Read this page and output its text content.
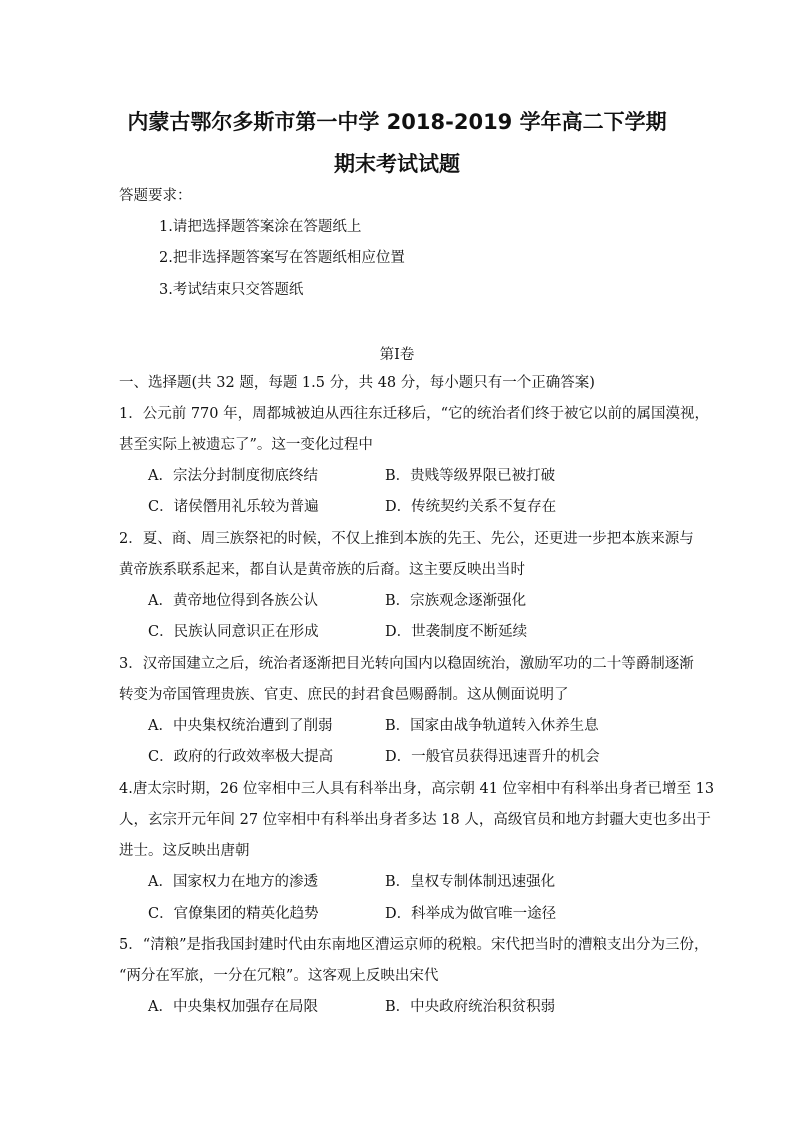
内蒙古鄂尔多斯市第一中学 2018-2019 学年高二下学期
期末考试试题
答题要求：
1.请把选择题答案涂在答题纸上
2.把非选择题答案写在答题纸相应位置
3.考试结束只交答题纸
第Ⅰ卷
一、选择题(共 32 题，每题 1.5 分，共 48 分，每小题只有一个正确答案)
1．公元前 770 年，周都城被迫从西往东迁移后，“它的统治者们终于被它以前的属国漠视，
甚至实际上被遗忘了”。这一变化过程中
A．宗法分封制度彻底终结	B．贵贱等级界限已被打破
C．诸侯僭用礼乐较为普遍	D．传统契约关系不复存在
2．夏、商、周三族祭祀的时候，不仅上推到本族的先王、先公，还更进一步把本族来源与
黄帝族系联系起来，都自认是黄帝族的后裔。这主要反映出当时
A．黄帝地位得到各族公认	B．宗族观念逐渐强化
C．民族认同意识正在形成	D．世袭制度不断延续
3．汉帝国建立之后，统治者逐渐把目光转向国内以稳固统治，激励军功的二十等爵制逐渐
转变为帝国管理贵族、官吏、庶民的封君食邑赐爵制。这从侧面说明了
A．中央集权统治遭到了削弱	B．国家由战争轨道转入休养生息
C．政府的行政效率极大提高	D．一般官员获得迅速晋升的机会
4.唐太宗时期，26 位宰相中三人具有科举出身，高宗朝 41 位宰相中有科举出身者已增至 13
人，玄宗开元年间 27 位宰相中有科举出身者多达 18 人，高级官员和地方封疆大吏也多出于
进士。这反映出唐朝
A．国家权力在地方的渗透	B．皇权专制体制迅速强化
C．官僚集团的精英化趋势	D．科举成为做官唯一途径
5．“清粮”是指我国封建时代由东南地区漕运京师的税粮。宋代把当时的漕粮支出分为三份，
“两分在军旅，一分在冗粮”。这客观上反映出宋代
A．中央集权加强存在局限	B．中央政府统治积贫积弱
